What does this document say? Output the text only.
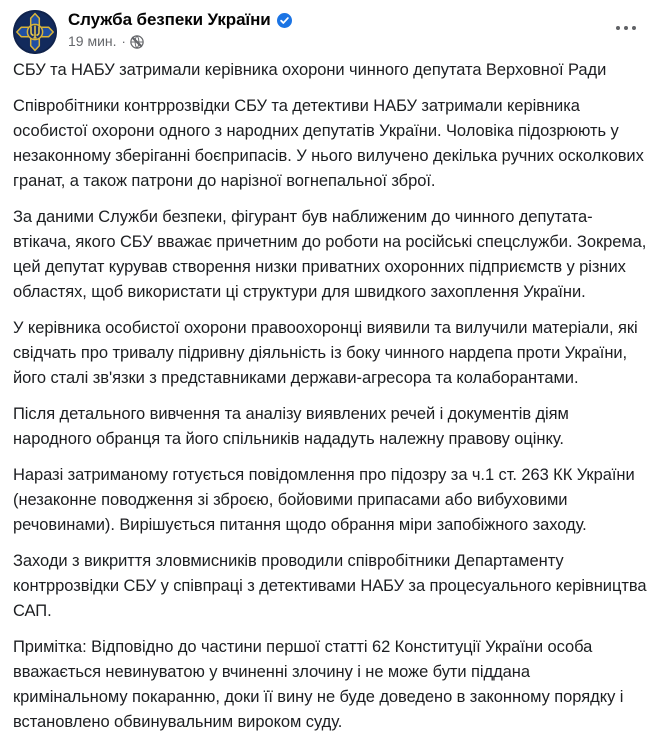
Служба безпеки України
19 мин. ·

СБУ та НАБУ затримали керівника охорони чинного депутата Верховної Ради

Співробітники контррозвідки СБУ та детективи НАБУ затримали керівника особистої охорони одного з народних депутатів України. Чоловіка підозрюють у незаконному зберіганні боєприпасів. У нього вилучено декілька ручних осколкових гранат, а також патрони до нарізної вогнепальної зброї.

За даними Служби безпеки, фігурант був наближеним до чинного депутата-втікача, якого СБУ вважає причетним до роботи на російські спецслужби. Зокрема, цей депутат курував створення низки приватних охоронних підприємств у різних областях, щоб використати ці структури для швидкого захоплення України.

У керівника особистої охорони правоохоронці виявили та вилучили матеріали, які свідчать про тривалу підривну діяльність із боку чинного нардепа проти України, його сталі зв'язки з представниками держави-агресора та колаборантами.

Після детального вивчення та аналізу виявлених речей і документів діям народного обранця та його спільників нададуть належну правову оцінку.

Наразі затриманому готується повідомлення про підозру за ч.1 ст. 263 КК України (незаконне поводження зі зброєю, бойовими припасами або вибуховими речовинами). Вирішується питання щодо обрання міри запобіжного заходу.

Заходи з викриття зловмисників проводили співробітники Департаменту контррозвідки СБУ у співпраці з детективами НАБУ за процесуального керівництва САП.

Примітка: Відповідно до частини першої статті 62 Конституції України особа вважається невинуватою у вчиненні злочину і не може бути піддана кримінальному покаранню, доки її вину не буде доведено в законному порядку і встановлено обвинувальним вироком суду.
